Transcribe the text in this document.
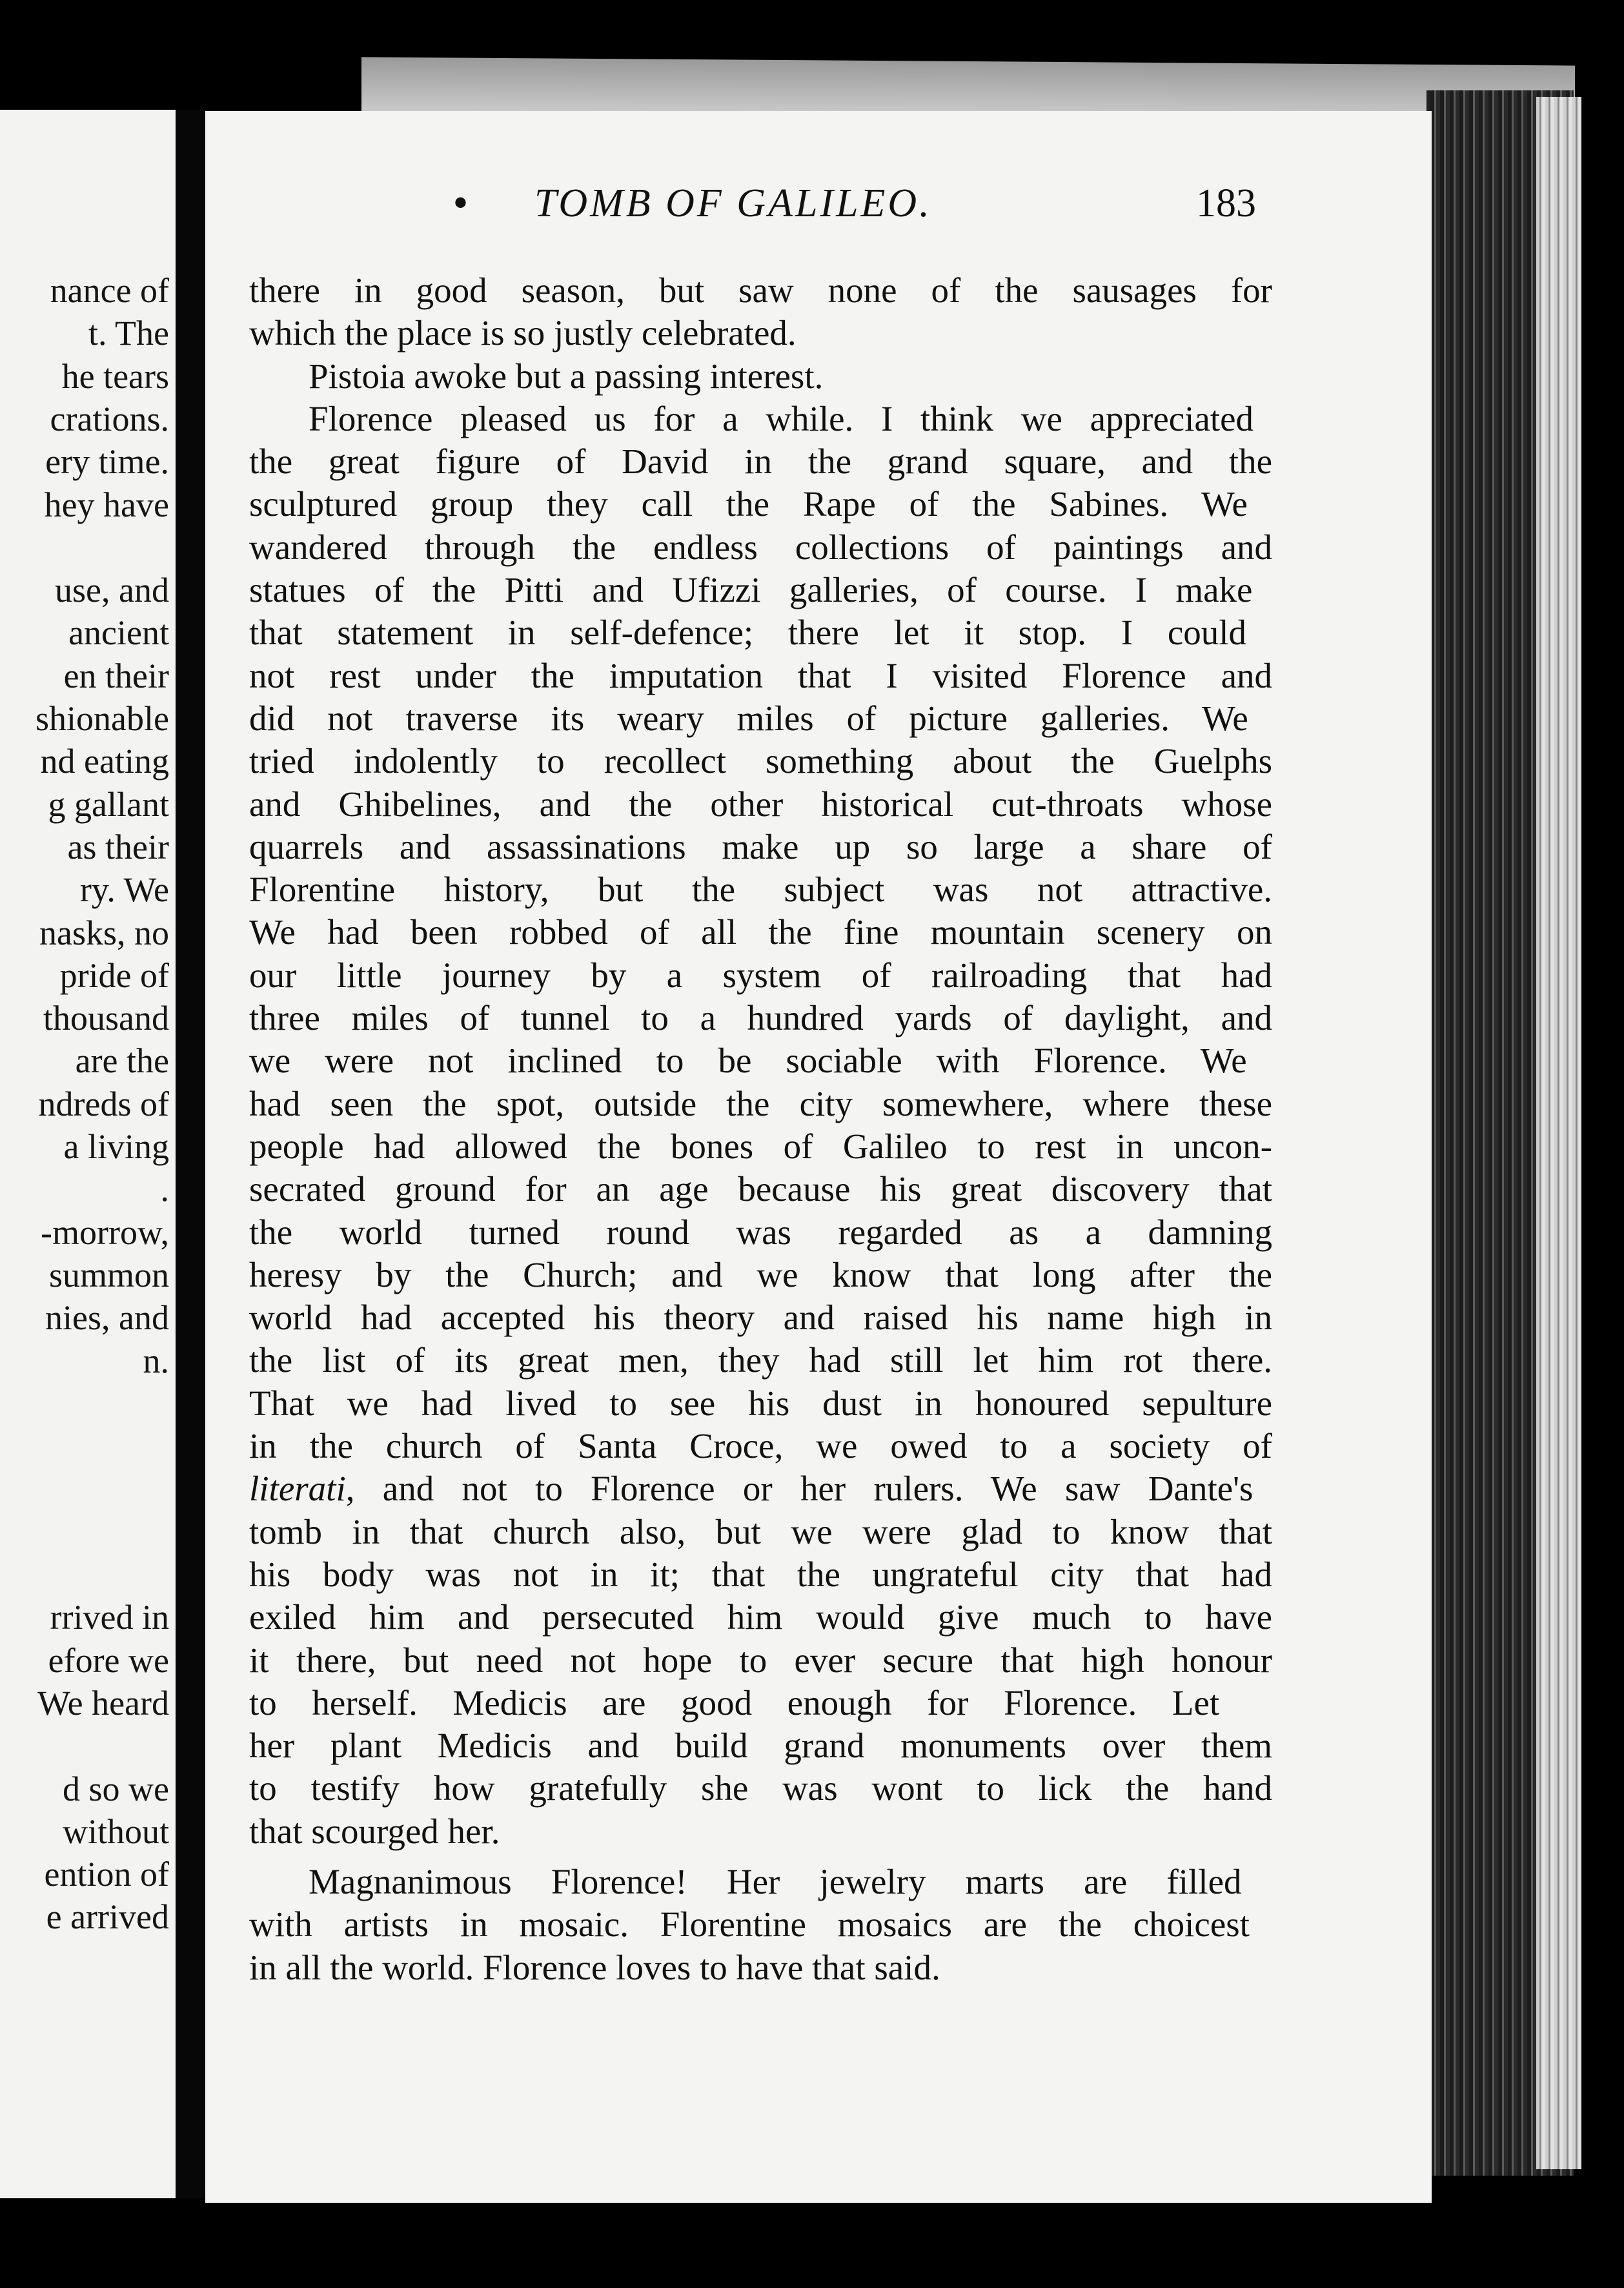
nance of
t. The
he tears
crations.
ery time.
hey have
use, and
ancient
en their
shionable
nd eating
g gallant
as their
ry. We
nasks, no
pride of
thousand
are the
ndreds of
a living
.
-morrow,
summon
nies, and
n.
rrived in
efore we
We heard
d so we
without
ention of
e arrived
• TOMB OF GALILEO.	183
there in good season, but saw none of the sausages for
which the place is so justly celebrated.
Pistoia awoke but a passing interest.
Florence pleased us for a while. I think we appreciated
the great figure of David in the grand square, and the
sculptured group they call the Rape of the Sabines. We
wandered through the endless collections of paintings and
statues of the Pitti and Ufizzi galleries, of course. I make
that statement in self-defence; there let it stop. I could
not rest under the imputation that I visited Florence and
did not traverse its weary miles of picture galleries. We
tried indolently to recollect something about the Guelphs
and Ghibelines, and the other historical cut-throats whose
quarrels and assassinations make up so large a share of
Florentine history, but the subject was not attractive.
We had been robbed of all the fine mountain scenery on
our little journey by a system of railroading that had
three miles of tunnel to a hundred yards of daylight, and
we were not inclined to be sociable with Florence. We
had seen the spot, outside the city somewhere, where these
people had allowed the bones of Galileo to rest in uncon-
secrated ground for an age because his great discovery that
the world turned round was regarded as a damning
heresy by the Church; and we know that long after the
world had accepted his theory and raised his name high in
the list of its great men, they had still let him rot there.
That we had lived to see his dust in honoured sepulture
in the church of Santa Croce, we owed to a society of
literati, and not to Florence or her rulers. We saw Dante's
tomb in that church also, but we were glad to know that
his body was not in it; that the ungrateful city that had
exiled him and persecuted him would give much to have
it there, but need not hope to ever secure that high honour
to herself. Medicis are good enough for Florence. Let
her plant Medicis and build grand monuments over them
to testify how gratefully she was wont to lick the hand
that scourged her.
Magnanimous Florence! Her jewelry marts are filled
with artists in mosaic. Florentine mosaics are the choicest
in all the world. Florence loves to have that said.
